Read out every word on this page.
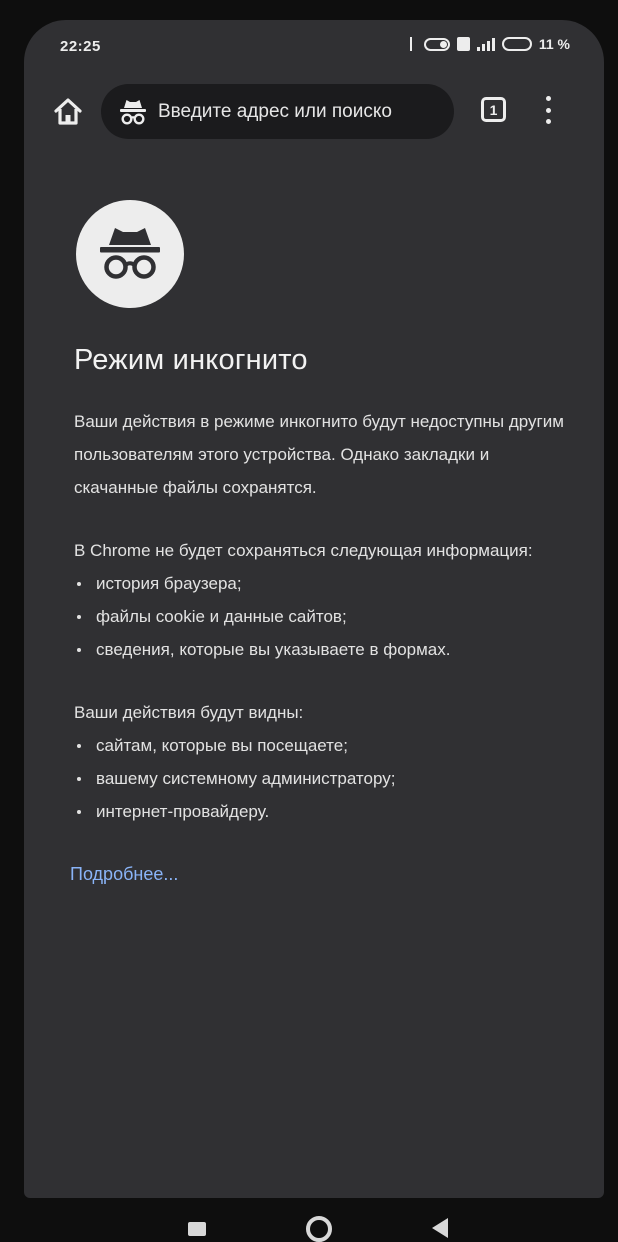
22:25	11 %
Введите адрес или поиско	1
Режим инкогнито
Ваши действия в режиме инкогнито будут недоступны другим пользователям этого устройства. Однако закладки и скачанные файлы сохранятся.
В Chrome не будет сохраняться следующая информация:
история браузера;
файлы cookie и данные сайтов;
сведения, которые вы указываете в формах.
Ваши действия будут видны:
сайтам, которые вы посещаете;
вашему системному администратору;
интернет-провайдеру.
Подробнее...
